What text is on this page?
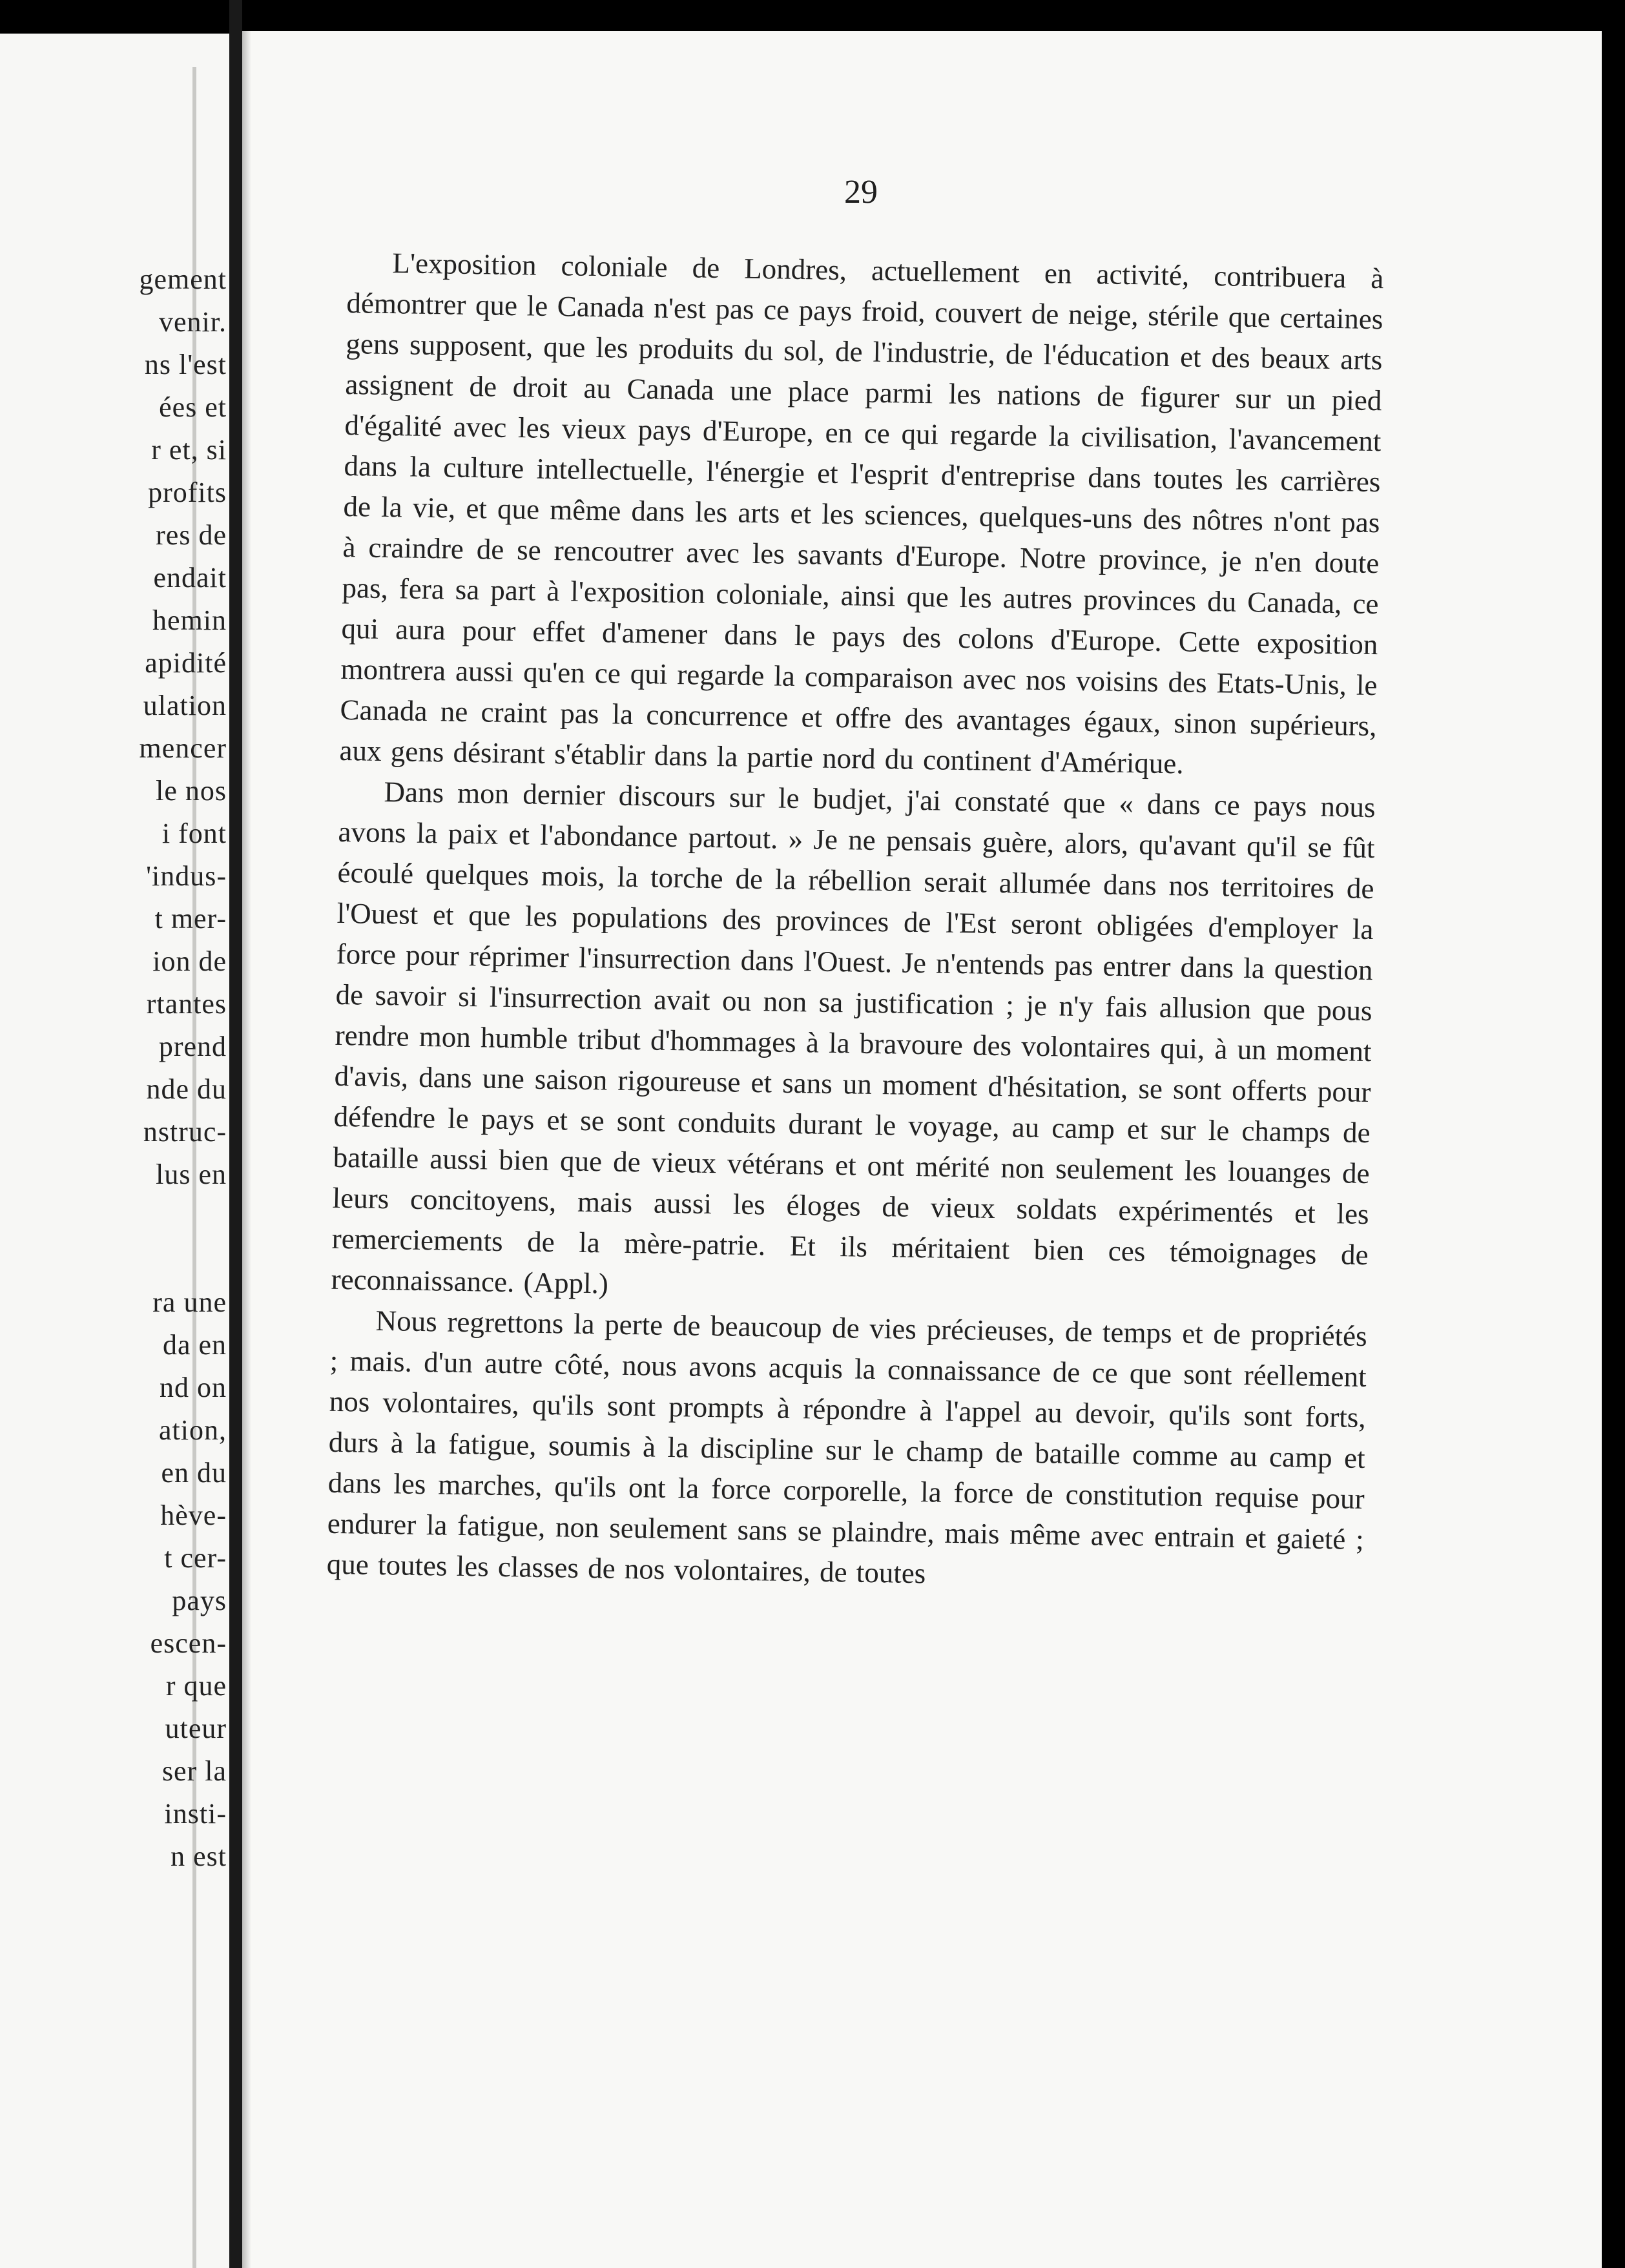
gement
venir.
ns l'est
ées et
r et, si
profits
res de
endait
hemin
apidité
ulation
mencer
le nos
i font
'indus-
t mer-
ion de
rtantes
prend
nde du
nstruc-
lus en
ra une
da en
nd on
ation,
en du
hève-
t cer-
pays
escen-
r que
uteur
ser la
insti-
n est
29

L'exposition coloniale de Londres, actuellement en activité, contribuera à démontrer que le Canada n'est pas ce pays froid, couvert de neige, stérile que certaines gens supposent, que les produits du sol, de l'industrie, de l'éducation et des beaux arts assignent de droit au Canada une place parmi les nations de figurer sur un pied d'égalité avec les vieux pays d'Europe, en ce qui regarde la civilisation, l'avancement dans la culture intellectuelle, l'énergie et l'esprit d'entreprise dans toutes les carrières de la vie, et que même dans les arts et les sciences, quelques-uns des nôtres n'ont pas à craindre de se rencoutrer avec les savants d'Europe. Notre province, je n'en doute pas, fera sa part à l'exposition coloniale, ainsi que les autres provinces du Canada, ce qui aura pour effet d'amener dans le pays des colons d'Europe. Cette exposition montrera aussi qu'en ce qui regarde la comparaison avec nos voisins des Etats-Unis, le Canada ne craint pas la concurrence et offre des avantages égaux, sinon supérieurs, aux gens désirant s'établir dans la partie nord du continent d'Amérique.

Dans mon dernier discours sur le budjet, j'ai constaté que « dans ce pays nous avons la paix et l'abondance partout. » Je ne pensais guère, alors, qu'avant qu'il se fût écoulé quelques mois, la torche de la rébellion serait allumée dans nos territoires de l'Ouest et que les populations des provinces de l'Est seront obligées d'employer la force pour réprimer l'insurrection dans l'Ouest. Je n'entends pas entrer dans la question de savoir si l'insurrection avait ou non sa justification ; je n'y fais allusion que pous rendre mon humble tribut d'hommages à la bravoure des volontaires qui, à un moment d'avis, dans une saison rigoureuse et sans un moment d'hésitation, se sont offerts pour défendre le pays et se sont conduits durant le voyage, au camp et sur le champs de bataille aussi bien que de vieux vétérans et ont mérité non seulement les louanges de leurs concitoyens, mais aussi les éloges de vieux soldats expérimentés et les remerciements de la mère-patrie. Et ils méritaient bien ces témoignages de reconnaissance. (Appl.)

Nous regrettons la perte de beaucoup de vies précieuses, de temps et de propriétés ; mais. d'un autre côté, nous avons acquis la connaissance de ce que sont réellement nos volontaires, qu'ils sont prompts à répondre à l'appel au devoir, qu'ils sont forts, durs à la fatigue, soumis à la discipline sur le champ de bataille comme au camp et dans les marches, qu'ils ont la force corporelle, la force de constitution requise pour endurer la fatigue, non seulement sans se plaindre, mais même avec entrain et gaieté ; que toutes les classes de nos volontaires, de toutes
